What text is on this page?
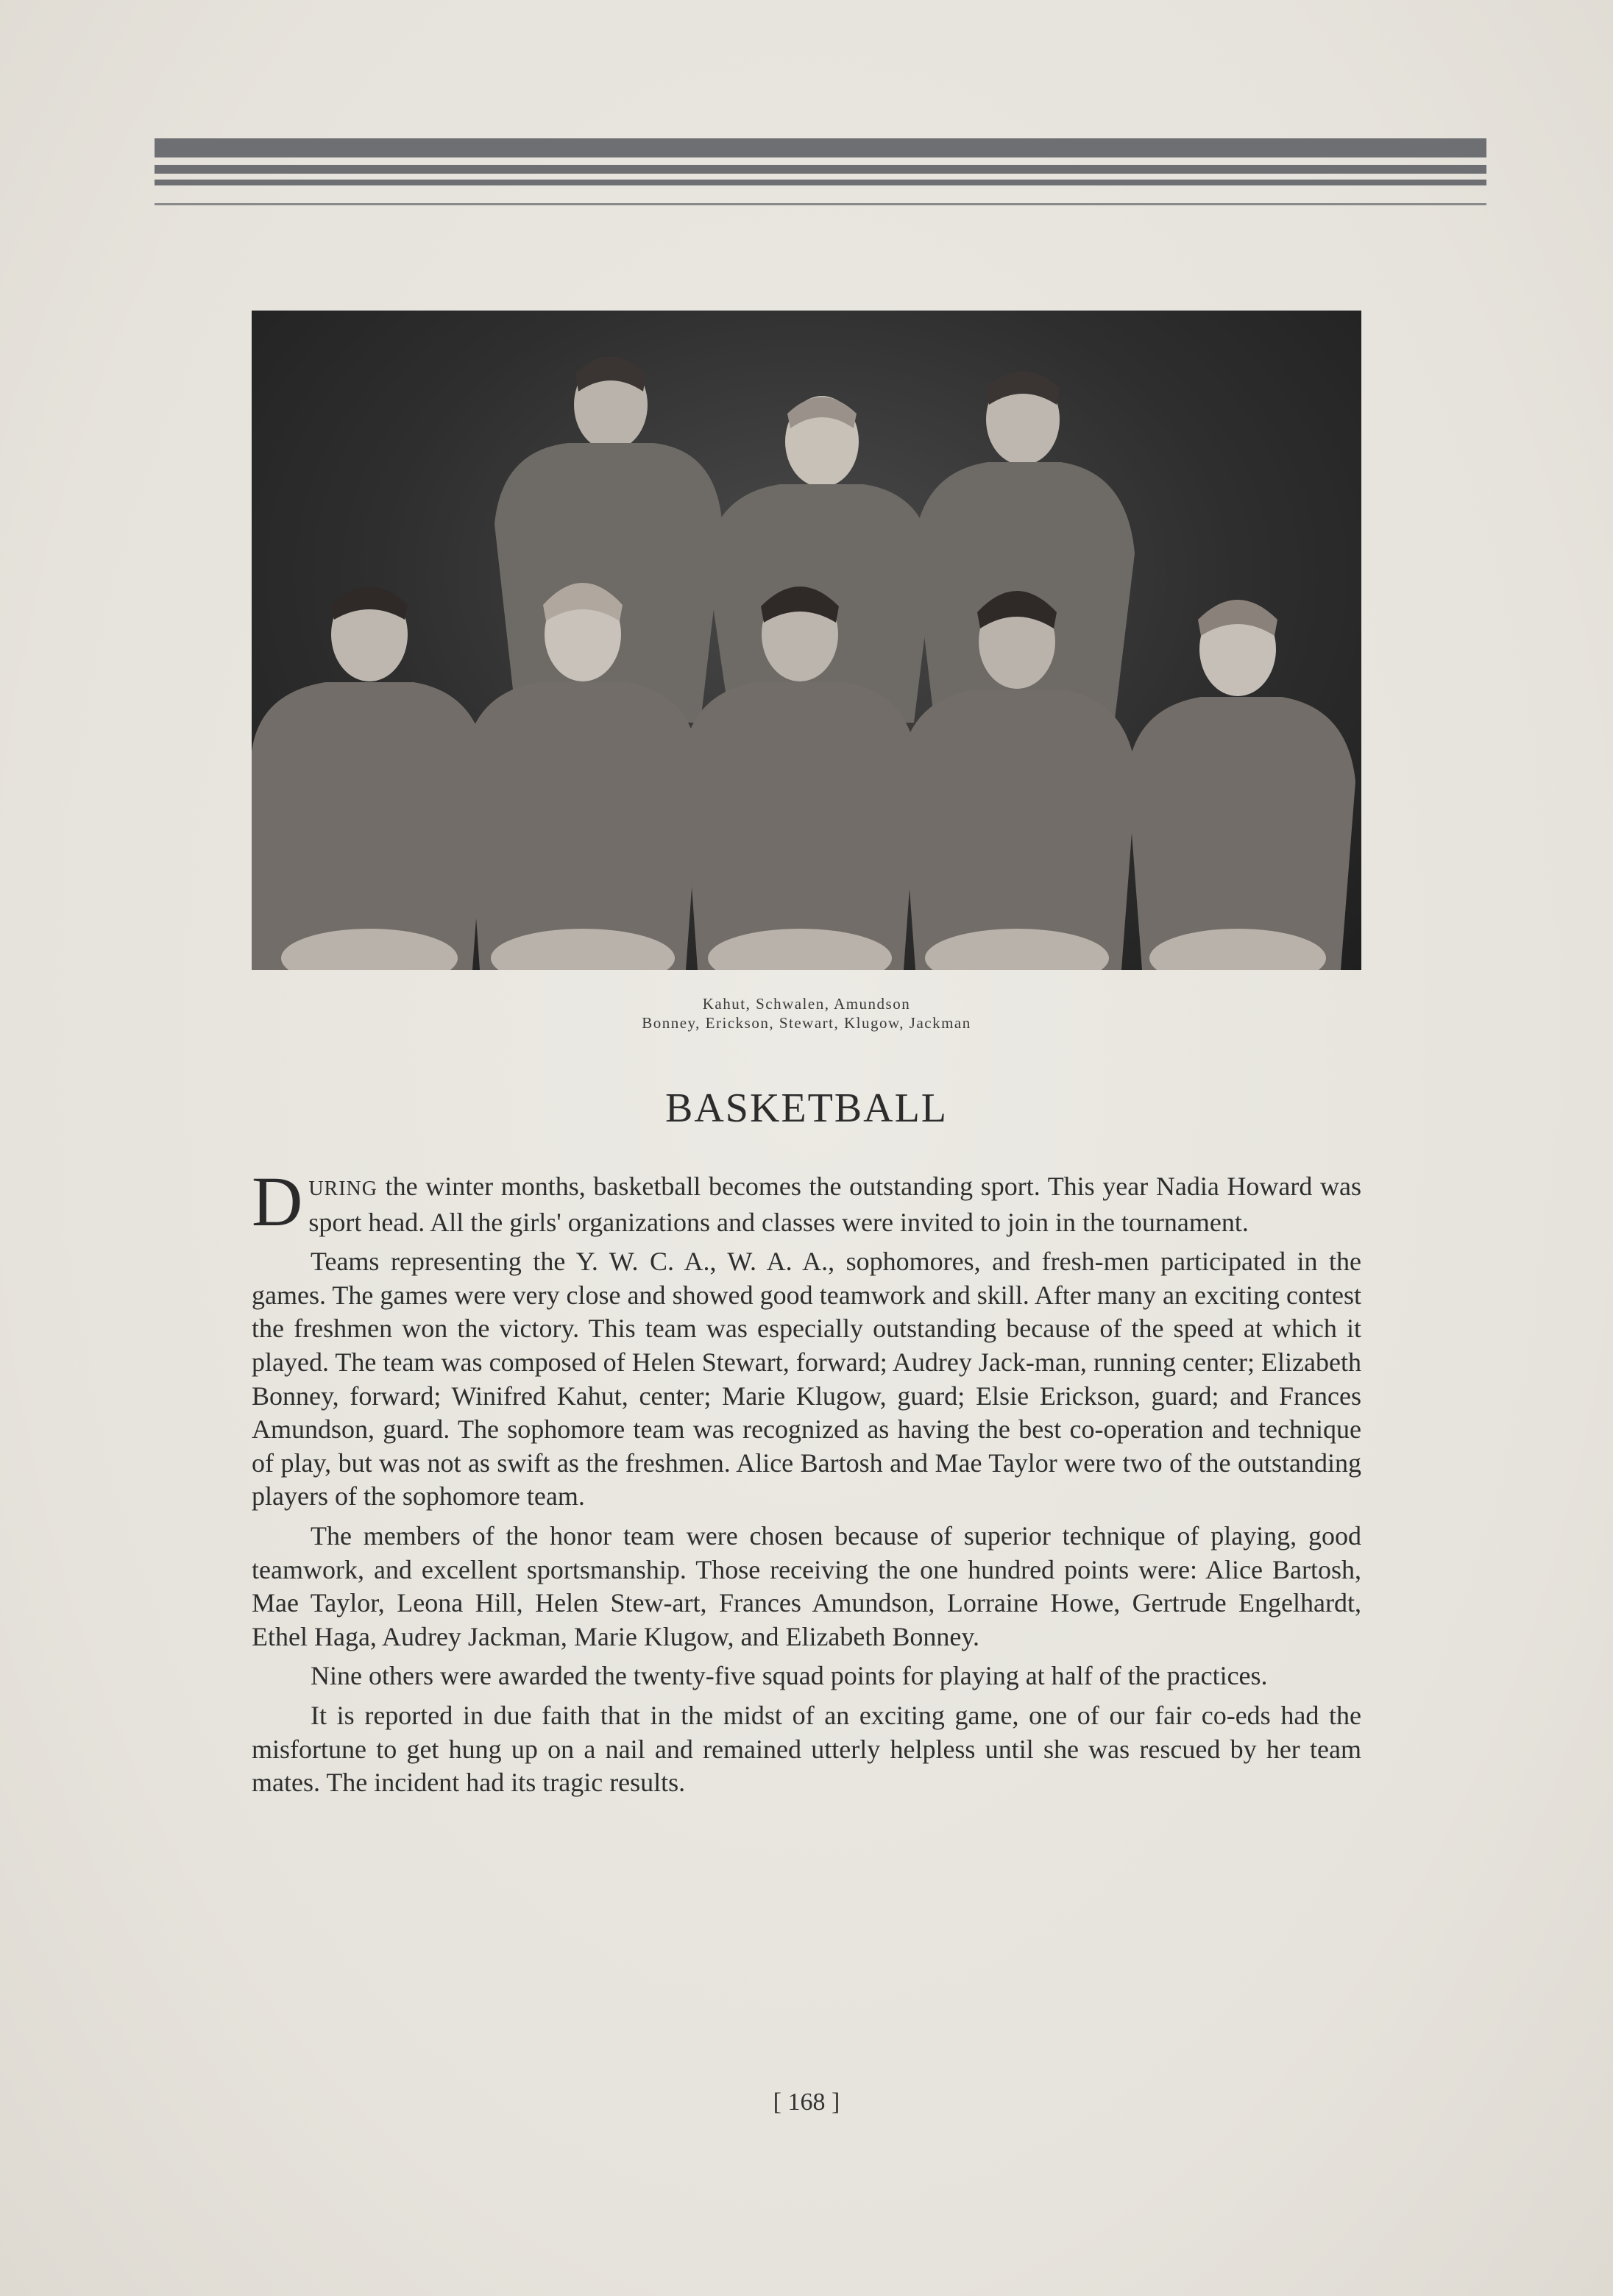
Kahut, Schwalen, Amundson
Bonney, Erickson, Stewart, Klugow, Jackman
BASKETBALL

DURING the winter months, basketball becomes the outstanding sport. This year Nadia Howard was sport head. All the girls' organizations and classes were invited to join in the tournament.

Teams representing the Y. W. C. A., W. A. A., sophomores, and fresh-men participated in the games. The games were very close and showed good teamwork and skill. After many an exciting contest the freshmen won the victory. This team was especially outstanding because of the speed at which it played. The team was composed of Helen Stewart, forward; Audrey Jack-man, running center; Elizabeth Bonney, forward; Winifred Kahut, center; Marie Klugow, guard; Elsie Erickson, guard; and Frances Amundson, guard. The sophomore team was recognized as having the best co-operation and technique of play, but was not as swift as the freshmen. Alice Bartosh and Mae Taylor were two of the outstanding players of the sophomore team.

The members of the honor team were chosen because of superior technique of playing, good teamwork, and excellent sportsmanship. Those receiving the one hundred points were: Alice Bartosh, Mae Taylor, Leona Hill, Helen Stew-art, Frances Amundson, Lorraine Howe, Gertrude Engelhardt, Ethel Haga, Audrey Jackman, Marie Klugow, and Elizabeth Bonney.

Nine others were awarded the twenty-five squad points for playing at half of the practices.

It is reported in due faith that in the midst of an exciting game, one of our fair co-eds had the misfortune to get hung up on a nail and remained utterly helpless until she was rescued by her team mates. The incident had its tragic results.

[ 168 ]
